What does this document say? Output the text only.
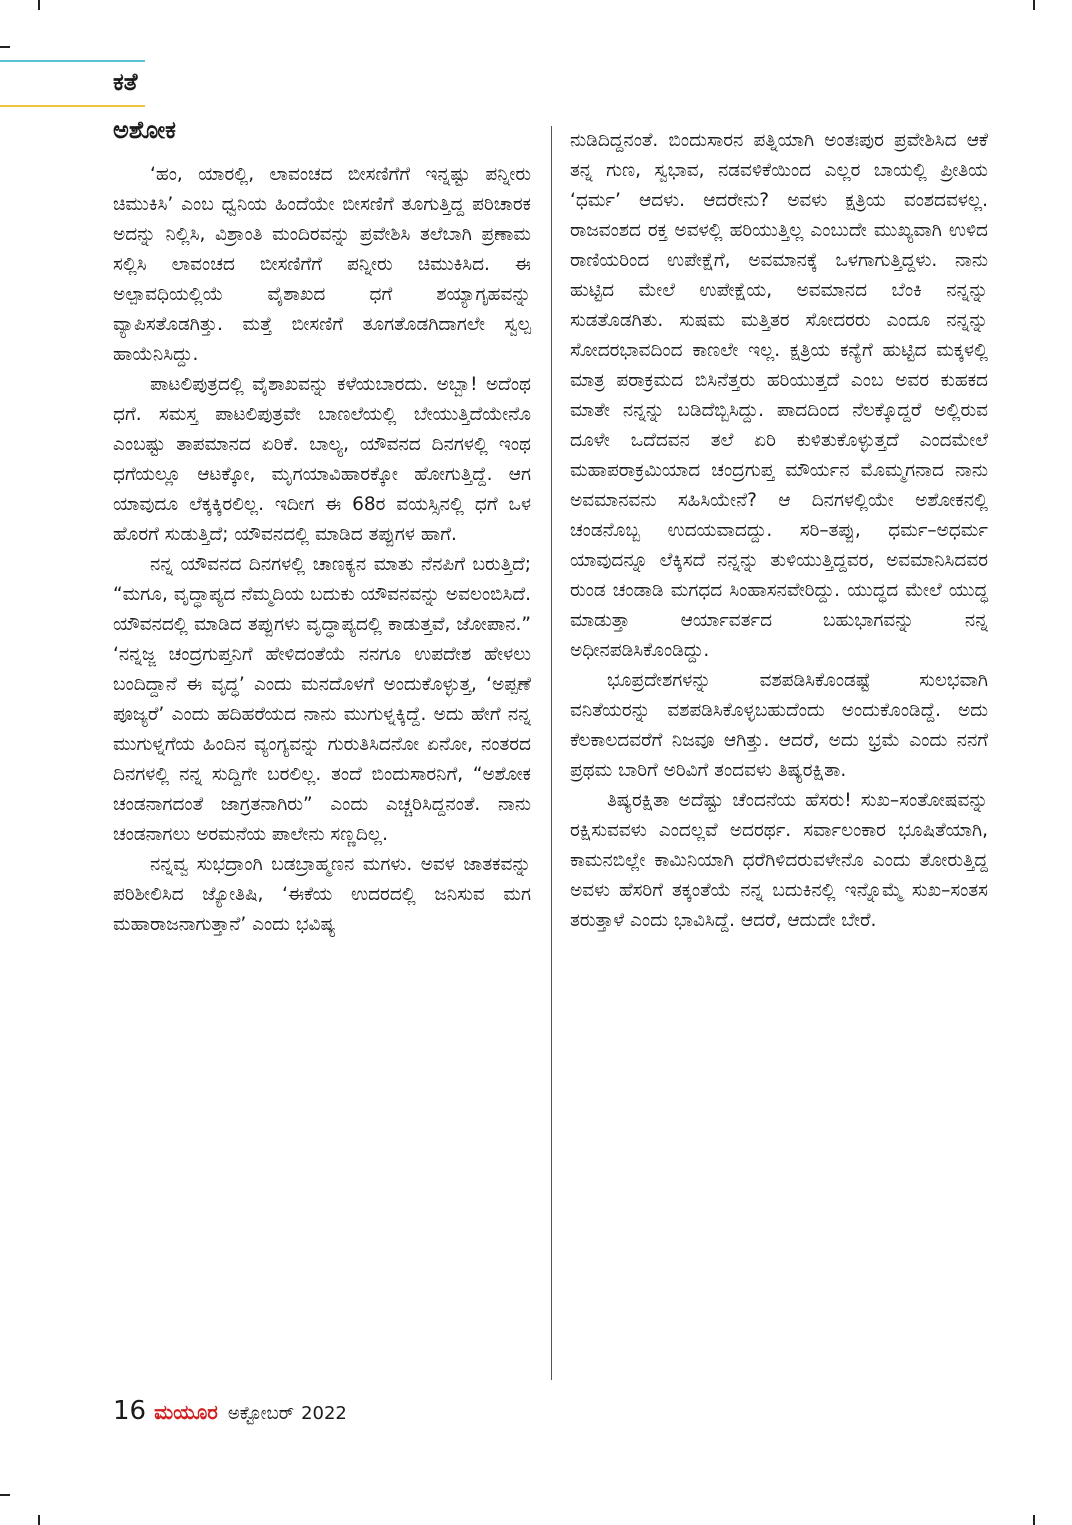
ಕತೆ
ಅಶೋಕ

‘ಹಂ, ಯಾರಲ್ಲಿ, ಲಾವಂಚದ ಬೀಸಣಿಗೆಗೆ ಇನ್ನಷ್ಟು ಪನ್ನೀರು ಚಿಮುಕಿಸಿ’ ಎಂಬ ಧ್ವನಿಯ ಹಿಂದೆಯೇ ಬೀಸಣಿಗೆ ತೂಗುತ್ತಿದ್ದ ಪರಿಚಾರಕ ಅದನ್ನು ನಿಲ್ಲಿಸಿ, ವಿಶ್ರಾಂತಿ ಮಂದಿರವನ್ನು ಪ್ರವೇಶಿಸಿ ತಲೆಬಾಗಿ ಪ್ರಣಾಮ ಸಲ್ಲಿಸಿ ಲಾವಂಚದ ಬೀಸಣಿಗೆಗೆ ಪನ್ನೀರು ಚಿಮುಕಿಸಿದ. ಈ ಅಲ್ಪಾವಧಿಯಲ್ಲಿಯೆ ವೈಶಾಖದ ಧಗೆ ಶಯ್ಯಾಗೃಹವನ್ನು ವ್ಯಾಪಿಸತೊಡಗಿತ್ತು. ಮತ್ತೆ ಬೀಸಣಿಗೆ ತೂಗತೊಡಗಿದಾಗಲೇ ಸ್ವಲ್ಪ ಹಾಯೆನಿಸಿದ್ದು.

ಪಾಟಲಿಪುತ್ರದಲ್ಲಿ ವೈಶಾಖವನ್ನು ಕಳೆಯಬಾರದು. ಅಬ್ಬಾ! ಅದೆಂಥ ಧಗೆ. ಸಮಸ್ತ ಪಾಟಲಿಪುತ್ರವೇ ಬಾಣಲೆಯಲ್ಲಿ ಬೇಯುತ್ತಿದೆಯೇನೊ ಎಂಬಷ್ಟು ತಾಪಮಾನದ ಏರಿಕೆ. ಬಾಲ್ಯ, ಯೌವನದ ದಿನಗಳಲ್ಲಿ ಇಂಥ ಧಗೆಯಲ್ಲೂ ಆಟಕ್ಕೋ, ಮೃಗಯಾವಿಹಾರಕ್ಕೋ ಹೋಗುತ್ತಿದ್ದೆ. ಆಗ ಯಾವುದೂ ಲೆಕ್ಕಕ್ಕಿರಲಿಲ್ಲ. ಇದೀಗ ಈ 68ರ ವಯಸ್ಸಿನಲ್ಲಿ ಧಗೆ ಒಳ ಹೊರಗೆ ಸುಡುತ್ತಿದೆ; ಯೌವನದಲ್ಲಿ ಮಾಡಿದ ತಪ್ಪುಗಳ ಹಾಗೆ.

ನನ್ನ ಯೌವನದ ದಿನಗಳಲ್ಲಿ ಚಾಣಕ್ಯನ ಮಾತು ನೆನಪಿಗೆ ಬರುತ್ತಿದೆ; “ಮಗೂ, ವೃದ್ಧಾಪ್ಯದ ನೆಮ್ಮದಿಯ ಬದುಕು ಯೌವನವನ್ನು ಅವಲಂಬಿಸಿದೆ. ಯೌವನದಲ್ಲಿ ಮಾಡಿದ ತಪ್ಪುಗಳು ವೃದ್ಧಾಪ್ಯದಲ್ಲಿ ಕಾಡುತ್ತವೆ, ಜೋಪಾನ.” ‘ನನ್ನಜ್ಜ ಚಂದ್ರಗುಪ್ತನಿಗೆ ಹೇಳಿದಂತೆಯೆ ನನಗೂ ಉಪದೇಶ ಹೇಳಲು ಬಂದಿದ್ದಾನೆ ಈ ವೃದ್ಧ’ ಎಂದು ಮನದೊಳಗೆ ಅಂದುಕೊಳ್ಳುತ್ತ, ‘ಅಪ್ಪಣೆ ಪೂಜ್ಯರೆ’ ಎಂದು ಹದಿಹರೆಯದ ನಾನು ಮುಗುಳ್ನಕ್ಕಿದ್ದೆ. ಅದು ಹೇಗೆ ನನ್ನ ಮುಗುಳ್ನಗೆಯ ಹಿಂದಿನ ವ್ಯಂಗ್ಯವನ್ನು ಗುರುತಿಸಿದನೋ ಏನೋ, ನಂತರದ ದಿನಗಳಲ್ಲಿ ನನ್ನ ಸುದ್ದಿಗೇ ಬರಲಿಲ್ಲ. ತಂದೆ ಬಿಂದುಸಾರನಿಗೆ, “ಅಶೋಕ ಚಂಡನಾಗದಂತೆ ಜಾಗ್ರತನಾಗಿರು” ಎಂದು ಎಚ್ಚರಿಸಿದ್ದನಂತೆ. ನಾನು ಚಂಡನಾಗಲು ಅರಮನೆಯ ಪಾಲೇನು ಸಣ್ಣದಿಲ್ಲ.

ನನ್ನವ್ವ ಸುಭದ್ರಾಂಗಿ ಬಡಬ್ರಾಹ್ಮಣನ ಮಗಳು. ಅವಳ ಜಾತಕವನ್ನು ಪರಿಶೀಲಿಸಿದ ಜ್ಯೋತಿಷಿ, ‘ಈಕೆಯ ಉದರದಲ್ಲಿ ಜನಿಸುವ ಮಗ ಮಹಾರಾಜನಾಗುತ್ತಾನೆ’ ಎಂದು ಭವಿಷ್ಯ

ನುಡಿದಿದ್ದನಂತೆ. ಬಿಂದುಸಾರನ ಪತ್ನಿಯಾಗಿ ಅಂತಃಪುರ ಪ್ರವೇಶಿಸಿದ ಆಕೆ ತನ್ನ ಗುಣ, ಸ್ವಭಾವ, ನಡವಳಿಕೆಯಿಂದ ಎಲ್ಲರ ಬಾಯಲ್ಲಿ ಪ್ರೀತಿಯ ‘ಧರ್ಮ’ ಆದಳು. ಆದರೇನು? ಅವಳು ಕ್ಷತ್ರಿಯ ವಂಶದವಳಲ್ಲ. ರಾಜವಂಶದ ರಕ್ತ ಅವಳಲ್ಲಿ ಹರಿಯುತ್ತಿಲ್ಲ ಎಂಬುದೇ ಮುಖ್ಯವಾಗಿ ಉಳಿದ ರಾಣಿಯರಿಂದ ಉಪೇಕ್ಷೆಗೆ, ಅವಮಾನಕ್ಕೆ ಒಳಗಾಗುತ್ತಿದ್ದಳು. ನಾನು ಹುಟ್ಟಿದ ಮೇಲೆ ಉಪೇಕ್ಷೆಯ, ಅವಮಾನದ ಬೆಂಕಿ ನನ್ನನ್ನು ಸುಡತೊಡಗಿತು. ಸುಷಮ ಮತ್ತಿತರ ಸೋದರರು ಎಂದೂ ನನ್ನನ್ನು ಸೋದರಭಾವದಿಂದ ಕಾಣಲೇ ಇಲ್ಲ. ಕ್ಷತ್ರಿಯ ಕನ್ಯೆಗೆ ಹುಟ್ಟಿದ ಮಕ್ಕಳಲ್ಲಿ ಮಾತ್ರ ಪರಾಕ್ರಮದ ಬಿಸಿನೆತ್ತರು ಹರಿಯುತ್ತದೆ ಎಂಬ ಅವರ ಕುಹಕದ ಮಾತೇ ನನ್ನನ್ನು ಬಡಿದೆಬ್ಬಿಸಿದ್ದು. ಪಾದದಿಂದ ನೆಲಕ್ಕೊದ್ದರೆ ಅಲ್ಲಿರುವ ದೂಳೇ ಒದೆದವನ ತಲೆ ಏರಿ ಕುಳಿತುಕೊಳ್ಳುತ್ತದೆ ಎಂದಮೇಲೆ ಮಹಾಪರಾಕ್ರಮಿಯಾದ ಚಂದ್ರಗುಪ್ತ ಮೌರ್ಯನ ಮೊಮ್ಮಗನಾದ ನಾನು ಅವಮಾನವನು ಸಹಿಸಿಯೇನೆ? ಆ ದಿನಗಳಲ್ಲಿಯೇ ಅಶೋಕನಲ್ಲಿ ಚಂಡನೊಬ್ಬ ಉದಯವಾದದ್ದು. ಸರಿ–ತಪ್ಪು, ಧರ್ಮ–ಅಧರ್ಮ ಯಾವುದನ್ನೂ ಲೆಕ್ಕಿಸದೆ ನನ್ನನ್ನು ತುಳಿಯುತ್ತಿದ್ದವರ, ಅವಮಾನಿಸಿದವರ ರುಂಡ ಚಂಡಾಡಿ ಮಗಧದ ಸಿಂಹಾಸನವೇರಿದ್ದು. ಯುದ್ಧದ ಮೇಲೆ ಯುದ್ಧ ಮಾಡುತ್ತಾ ಆರ್ಯಾವರ್ತದ ಬಹುಭಾಗವನ್ನು ನನ್ನ ಅಧೀನಪಡಿಸಿಕೊಂಡಿದ್ದು.

ಭೂಪ್ರದೇಶಗಳನ್ನು ವಶಪಡಿಸಿಕೊಂಡಷ್ಟೆ ಸುಲಭವಾಗಿ ವನಿತೆಯರನ್ನು ವಶಪಡಿಸಿಕೊಳ್ಳಬಹುದೆಂದು ಅಂದುಕೊಂಡಿದ್ದೆ. ಅದು ಕೆಲಕಾಲದವರೆಗೆ ನಿಜವೂ ಆಗಿತ್ತು. ಆದರೆ, ಅದು ಭ್ರಮೆ ಎಂದು ನನಗೆ ಪ್ರಥಮ ಬಾರಿಗೆ ಅರಿವಿಗೆ ತಂದವಳು ತಿಷ್ಯರಕ್ಷಿತಾ.

ತಿಷ್ಯರಕ್ಷಿತಾ ಅದೆಷ್ಟು ಚೆಂದನೆಯ ಹೆಸರು! ಸುಖ–ಸಂತೋಷವನ್ನು ರಕ್ಷಿಸುವವಳು ಎಂದಲ್ಲವೆ ಅದರರ್ಥ. ಸರ್ವಾಲಂಕಾರ ಭೂಷಿತೆಯಾಗಿ, ಕಾಮನಬಿಲ್ಲೇ ಕಾಮಿನಿಯಾಗಿ ಧರೆಗಿಳಿದರುವಳೇನೊ ಎಂದು ತೋರುತ್ತಿದ್ದ ಅವಳು ಹೆಸರಿಗೆ ತಕ್ಕಂತೆಯೆ ನನ್ನ ಬದುಕಿನಲ್ಲಿ ಇನ್ನೊಮ್ಮೆ ಸುಖ–ಸಂತಸ ತರುತ್ತಾಳೆ ಎಂದು ಭಾವಿಸಿದ್ದೆ. ಆದರೆ, ಆದುದೇ ಬೇರೆ.

16 ಮಯೂರ ಅಕ್ಟೋಬರ್ 2022
